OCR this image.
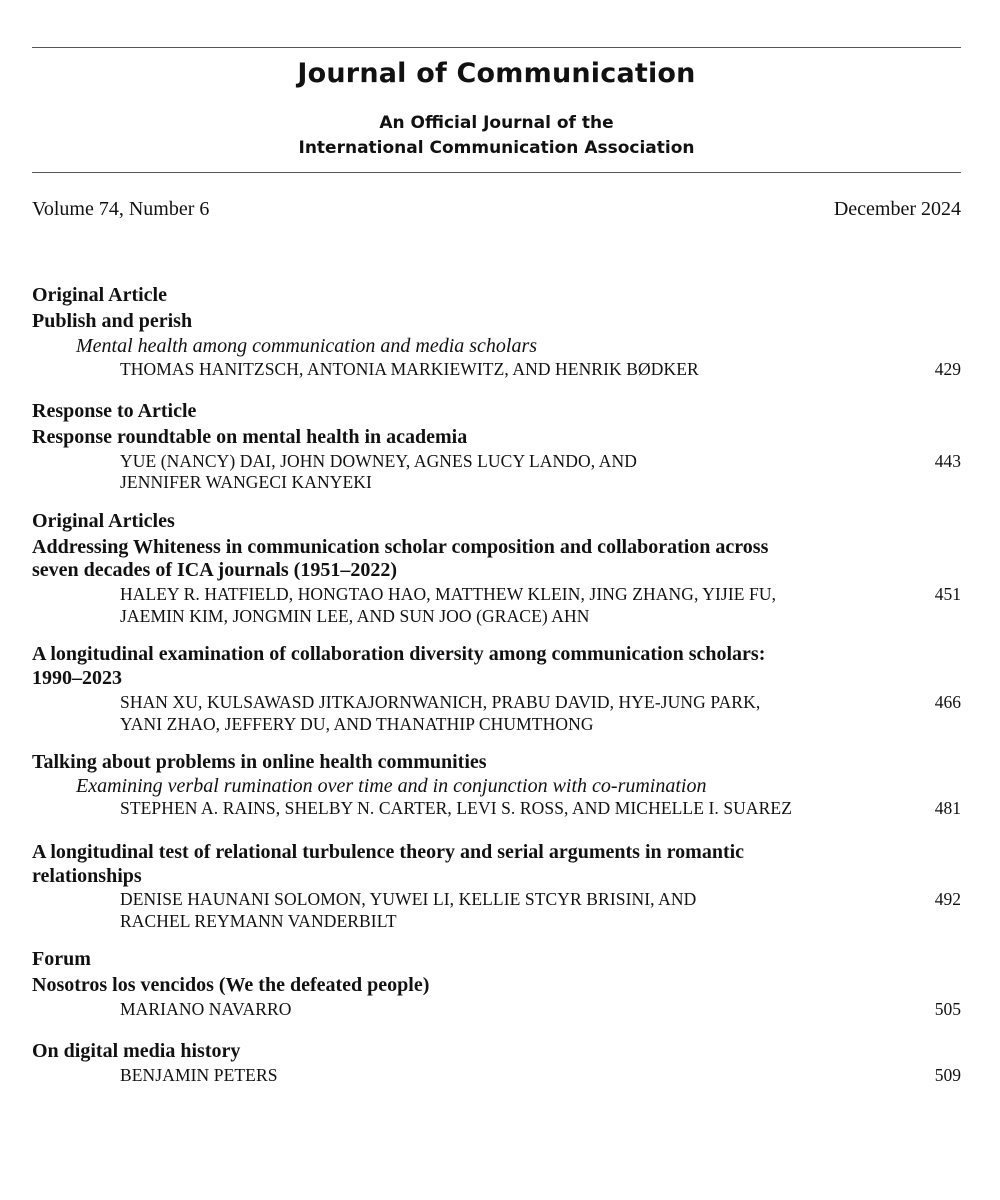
Journal of Communication
An Official Journal of the
International Communication Association
Volume 74, Number 6	December 2024
Original Article
Publish and perish
Mental health among communication and media scholars
THOMAS HANITZSCH, ANTONIA MARKIEWITZ, AND HENRIK BØDKER	429
Response to Article
Response roundtable on mental health in academia
YUE (NANCY) DAI, JOHN DOWNEY, AGNES LUCY LANDO, AND
JENNIFER WANGECI KANYEKI
443
Original Articles
Addressing Whiteness in communication scholar composition and collaboration across
seven decades of ICA journals (1951–2022)
HALEY R. HATFIELD, HONGTAO HAO, MATTHEW KLEIN, JING ZHANG, YIJIE FU,
JAEMIN KIM, JONGMIN LEE, AND SUN JOO (GRACE) AHN
451
A longitudinal examination of collaboration diversity among communication scholars:
1990–2023
SHAN XU, KULSAWASD JITKAJORNWANICH, PRABU DAVID, HYE-JUNG PARK,
YANI ZHAO, JEFFERY DU, AND THANATHIP CHUMTHONG
466
Talking about problems in online health communities
Examining verbal rumination over time and in conjunction with co-rumination
STEPHEN A. RAINS, SHELBY N. CARTER, LEVI S. ROSS, AND MICHELLE I. SUAREZ	481
A longitudinal test of relational turbulence theory and serial arguments in romantic
relationships
DENISE HAUNANI SOLOMON, YUWEI LI, KELLIE STCYR BRISINI, AND
RACHEL REYMANN VANDERBILT
492
Forum
Nosotros los vencidos (We the defeated people)
MARIANO NAVARRO	505
On digital media history
BENJAMIN PETERS	509
